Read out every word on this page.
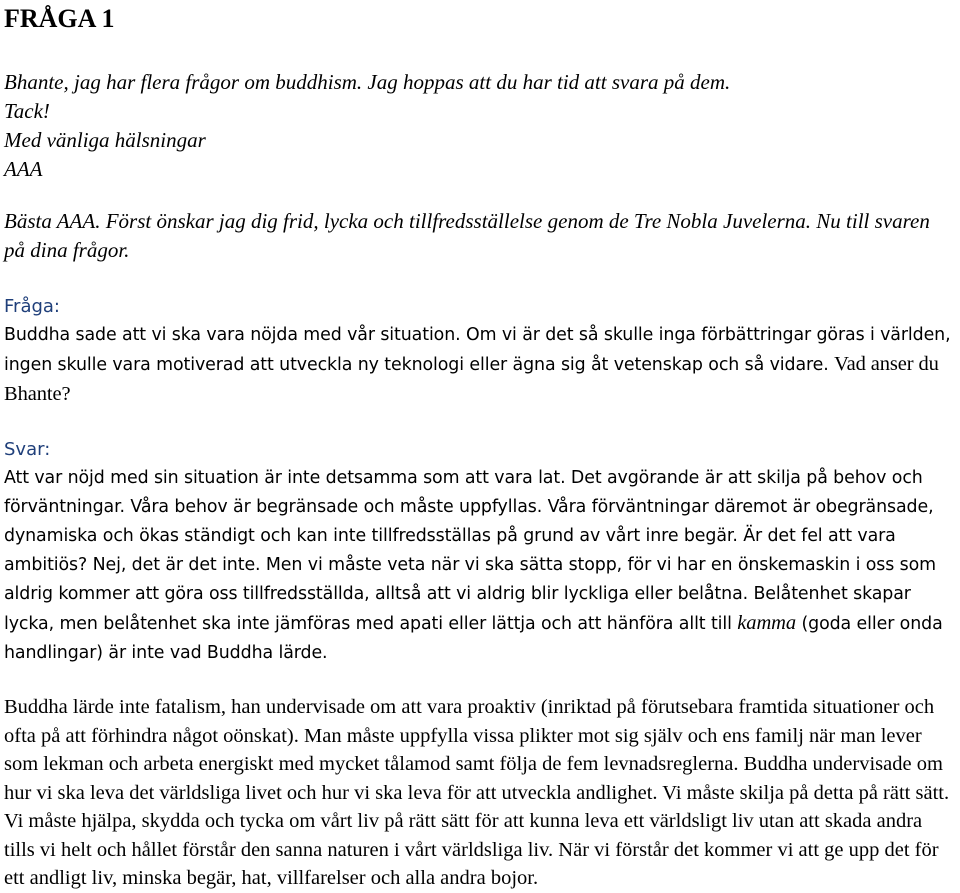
FRÅGA 1
Bhante, jag har flera frågor om buddhism. Jag hoppas att du har tid att svara på dem.
Tack!
Med vänliga hälsningar
AAA

Bästa AAA. Först önskar jag dig frid, lycka och tillfredsställelse genom de Tre Nobla Juvelerna. Nu till svaren på dina frågor.

Fråga:

Buddha sade att vi ska vara nöjda med vår situation. Om vi är det så skulle inga förbättringar göras i världen, ingen skulle vara motiverad att utveckla ny teknologi eller ägna sig åt vetenskap och så vidare. Vad anser du Bhante?

Svar:

Att var nöjd med sin situation är inte detsamma som att vara lat. Det avgörande är att skilja på behov och förväntningar. Våra behov är begränsade och måste uppfyllas. Våra förväntningar däremot är obegränsade, dynamiska och ökas ständigt och kan inte tillfredsställas på grund av vårt inre begär. Är det fel att vara ambitiös? Nej, det är det inte. Men vi måste veta när vi ska sätta stopp, för vi har en önskemaskin i oss som aldrig kommer att göra oss tillfredsställda, alltså att vi aldrig blir lyckliga eller belåtna. Belåtenhet skapar lycka, men belåtenhet ska inte jämföras med apati eller lättja och att hänföra allt till kamma (goda eller onda handlingar) är inte vad Buddha lärde.

Buddha lärde inte fatalism, han undervisade om att vara proaktiv (inriktad på förutsebara framtida situationer och ofta på att förhindra något oönskat). Man måste uppfylla vissa plikter mot sig själv och ens familj när man lever som lekman och arbeta energiskt med mycket tålamod samt följa de fem levnadsreglerna. Buddha undervisade om hur vi ska leva det världsliga livet och hur vi ska leva för att utveckla andlighet. Vi måste skilja på detta på rätt sätt. Vi måste hjälpa, skydda och tycka om vårt liv på rätt sätt för att kunna leva ett världsligt liv utan att skada andra tills vi helt och hållet förstår den sanna naturen i vårt världsliga liv. När vi förstår det kommer vi att ge upp det för ett andligt liv, minska begär, hat, villfarelser och alla andra bojor.
